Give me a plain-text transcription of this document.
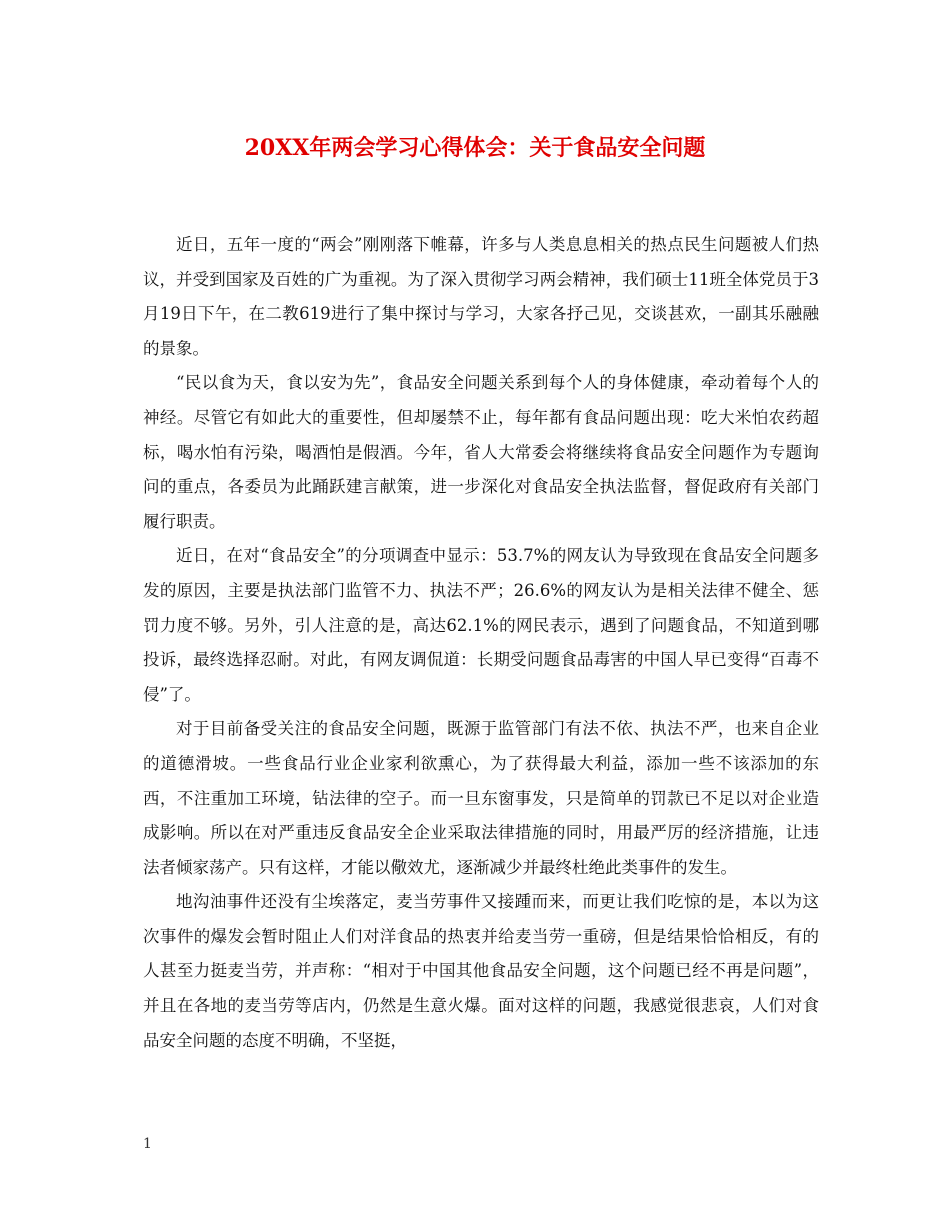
20XX年两会学习心得体会：关于食品安全问题

近日，五年一度的“两会”刚刚落下帷幕，许多与人类息息相关的热点民生问题被人们热议，并受到国家及百姓的广为重视。为了深入贯彻学习两会精神，我们硕士11班全体党员于3月19日下午，在二教619进行了集中探讨与学习，大家各抒己见，交谈甚欢，一副其乐融融的景象。

“民以食为天，食以安为先”，食品安全问题关系到每个人的身体健康，牵动着每个人的神经。尽管它有如此大的重要性，但却屡禁不止，每年都有食品问题出现：吃大米怕农药超标，喝水怕有污染，喝酒怕是假酒。今年，省人大常委会将继续将食品安全问题作为专题询问的重点，各委员为此踊跃建言献策，进一步深化对食品安全执法监督，督促政府有关部门履行职责。

近日，在对“食品安全”的分项调查中显示：53.7%的网友认为导致现在食品安全问题多发的原因，主要是执法部门监管不力、执法不严；26.6%的网友认为是相关法律不健全、惩罚力度不够。另外，引人注意的是，高达62.1%的网民表示，遇到了问题食品，不知道到哪投诉，最终选择忍耐。对此，有网友调侃道：长期受问题食品毒害的中国人早已变得“百毒不侵”了。

对于目前备受关注的食品安全问题，既源于监管部门有法不依、执法不严，也来自企业的道德滑坡。一些食品行业企业家利欲熏心，为了获得最大利益，添加一些不该添加的东西，不注重加工环境，钻法律的空子。而一旦东窗事发，只是简单的罚款已不足以对企业造成影响。所以在对严重违反食品安全企业采取法律措施的同时，用最严厉的经济措施，让违法者倾家荡产。只有这样，才能以儆效尤，逐渐减少并最终杜绝此类事件的发生。

地沟油事件还没有尘埃落定，麦当劳事件又接踵而来，而更让我们吃惊的是，本以为这次事件的爆发会暂时阻止人们对洋食品的热衷并给麦当劳一重磅，但是结果恰恰相反，有的人甚至力挺麦当劳，并声称：“相对于中国其他食品安全问题，这个问题已经不再是问题”，并且在各地的麦当劳等店内，仍然是生意火爆。面对这样的问题，我感觉很悲哀，人们对食品安全问题的态度不明确，不坚挺，

1
